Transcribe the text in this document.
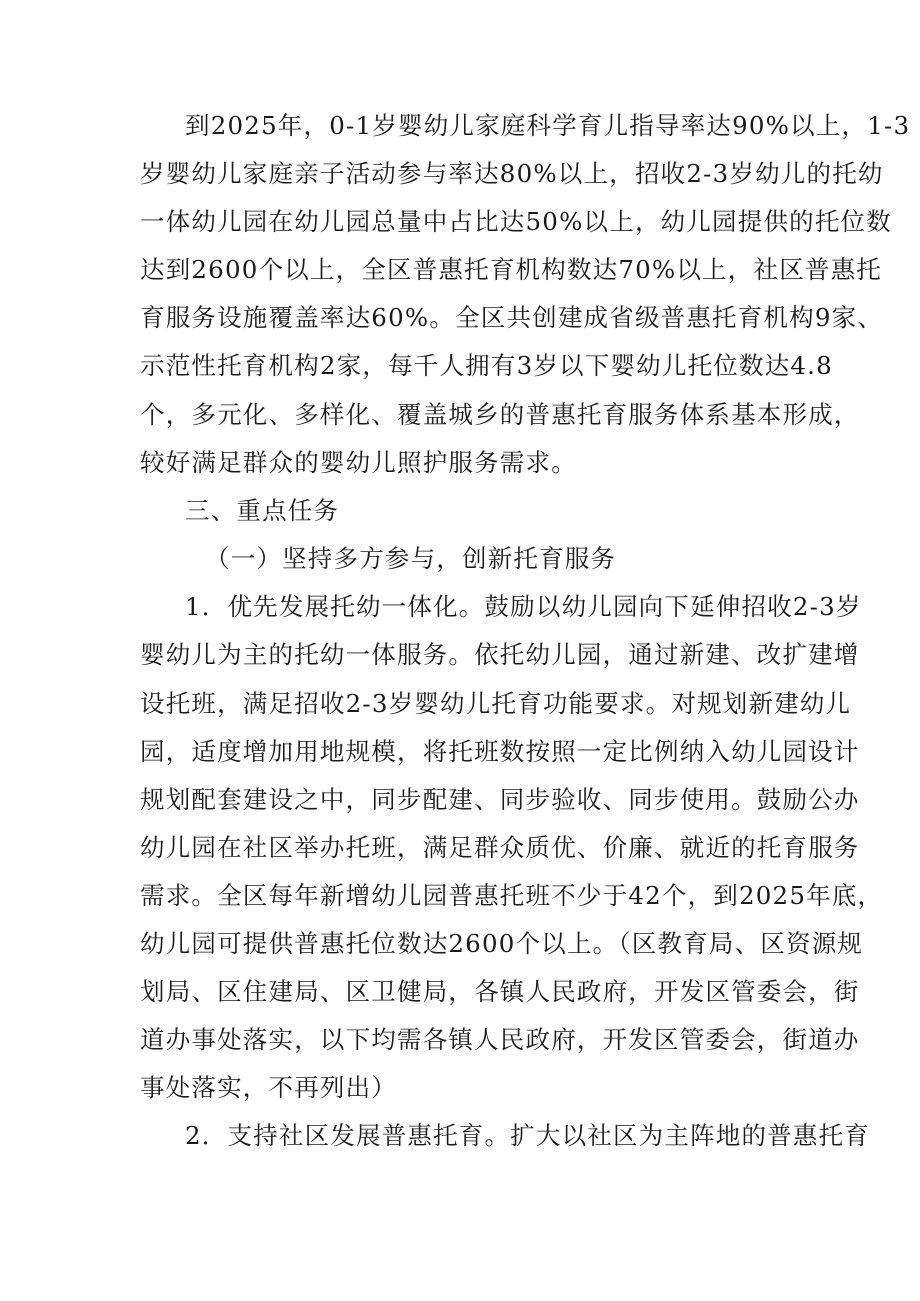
到2025年，0-1岁婴幼儿家庭科学育儿指导率达90%以上，1-3
岁婴幼儿家庭亲子活动参与率达80%以上，招收2-3岁幼儿的托幼
一体幼儿园在幼儿园总量中占比达50%以上，幼儿园提供的托位数
达到2600个以上，全区普惠托育机构数达70%以上，社区普惠托
育服务设施覆盖率达60%。全区共创建成省级普惠托育机构9家、
示范性托育机构2家，每千人拥有3岁以下婴幼儿托位数达4.8
个，多元化、多样化、覆盖城乡的普惠托育服务体系基本形成，
较好满足群众的婴幼儿照护服务需求。
三、重点任务
（一）坚持多方参与，创新托育服务
1．优先发展托幼一体化。鼓励以幼儿园向下延伸招收2-3岁
婴幼儿为主的托幼一体服务。依托幼儿园，通过新建、改扩建增
设托班，满足招收2-3岁婴幼儿托育功能要求。对规划新建幼儿
园，适度增加用地规模，将托班数按照一定比例纳入幼儿园设计
规划配套建设之中，同步配建、同步验收、同步使用。鼓励公办
幼儿园在社区举办托班，满足群众质优、价廉、就近的托育服务
需求。全区每年新增幼儿园普惠托班不少于42个，到2025年底，
幼儿园可提供普惠托位数达2600个以上。（区教育局、区资源规
划局、区住建局、区卫健局，各镇人民政府，开发区管委会，街
道办事处落实，以下均需各镇人民政府，开发区管委会，街道办
事处落实，不再列出）
2．支持社区发展普惠托育。扩大以社区为主阵地的普惠托育
